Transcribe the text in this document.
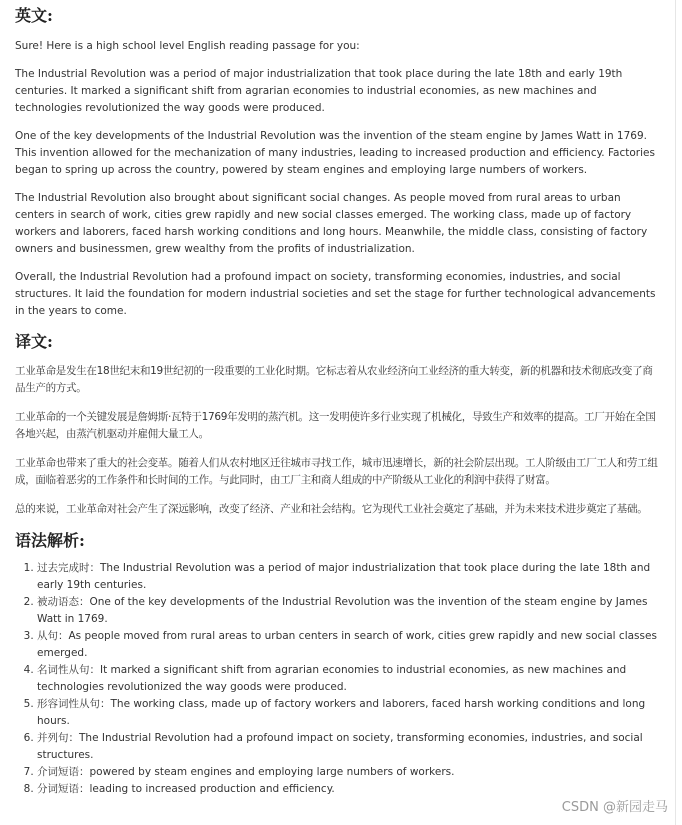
英文:

Sure! Here is a high school level English reading passage for you:

The Industrial Revolution was a period of major industrialization that took place during the late 18th and early 19th centuries. It marked a significant shift from agrarian economies to industrial economies, as new machines and technologies revolutionized the way goods were produced.

One of the key developments of the Industrial Revolution was the invention of the steam engine by James Watt in 1769. This invention allowed for the mechanization of many industries, leading to increased production and efficiency. Factories began to spring up across the country, powered by steam engines and employing large numbers of workers.

The Industrial Revolution also brought about significant social changes. As people moved from rural areas to urban centers in search of work, cities grew rapidly and new social classes emerged. The working class, made up of factory workers and laborers, faced harsh working conditions and long hours. Meanwhile, the middle class, consisting of factory owners and businessmen, grew wealthy from the profits of industrialization.

Overall, the Industrial Revolution had a profound impact on society, transforming economies, industries, and social structures. It laid the foundation for modern industrial societies and set the stage for further technological advancements in the years to come.

译文:

工业革命是发生在18世纪末和19世纪初的一段重要的工业化时期。它标志着从农业经济向工业经济的重大转变，新的机器和技术彻底改变了商品生产的方式。

工业革命的一个关键发展是詹姆斯·瓦特于1769年发明的蒸汽机。这一发明使许多行业实现了机械化，导致生产和效率的提高。工厂开始在全国各地兴起，由蒸汽机驱动并雇佣大量工人。

工业革命也带来了重大的社会变革。随着人们从农村地区迁往城市寻找工作，城市迅速增长，新的社会阶层出现。工人阶级由工厂工人和劳工组成，面临着恶劣的工作条件和长时间的工作。与此同时，由工厂主和商人组成的中产阶级从工业化的利润中获得了财富。

总的来说，工业革命对社会产生了深远影响，改变了经济、产业和社会结构。它为现代工业社会奠定了基础，并为未来技术进步奠定了基础。

语法解析:
1. 过去完成时：The Industrial Revolution was a period of major industrialization that took place during the late 18th and early 19th centuries.
2. 被动语态：One of the key developments of the Industrial Revolution was the invention of the steam engine by James Watt in 1769.
3. 从句：As people moved from rural areas to urban centers in search of work, cities grew rapidly and new social classes emerged.
4. 名词性从句：It marked a significant shift from agrarian economies to industrial economies, as new machines and technologies revolutionized the way goods were produced.
5. 形容词性从句：The working class, made up of factory workers and laborers, faced harsh working conditions and long hours.
6. 并列句：The Industrial Revolution had a profound impact on society, transforming economies, industries, and social structures.
7. 介词短语：powered by steam engines and employing large numbers of workers.
8. 分词短语：leading to increased production and efficiency.
CSDN @新园走马
